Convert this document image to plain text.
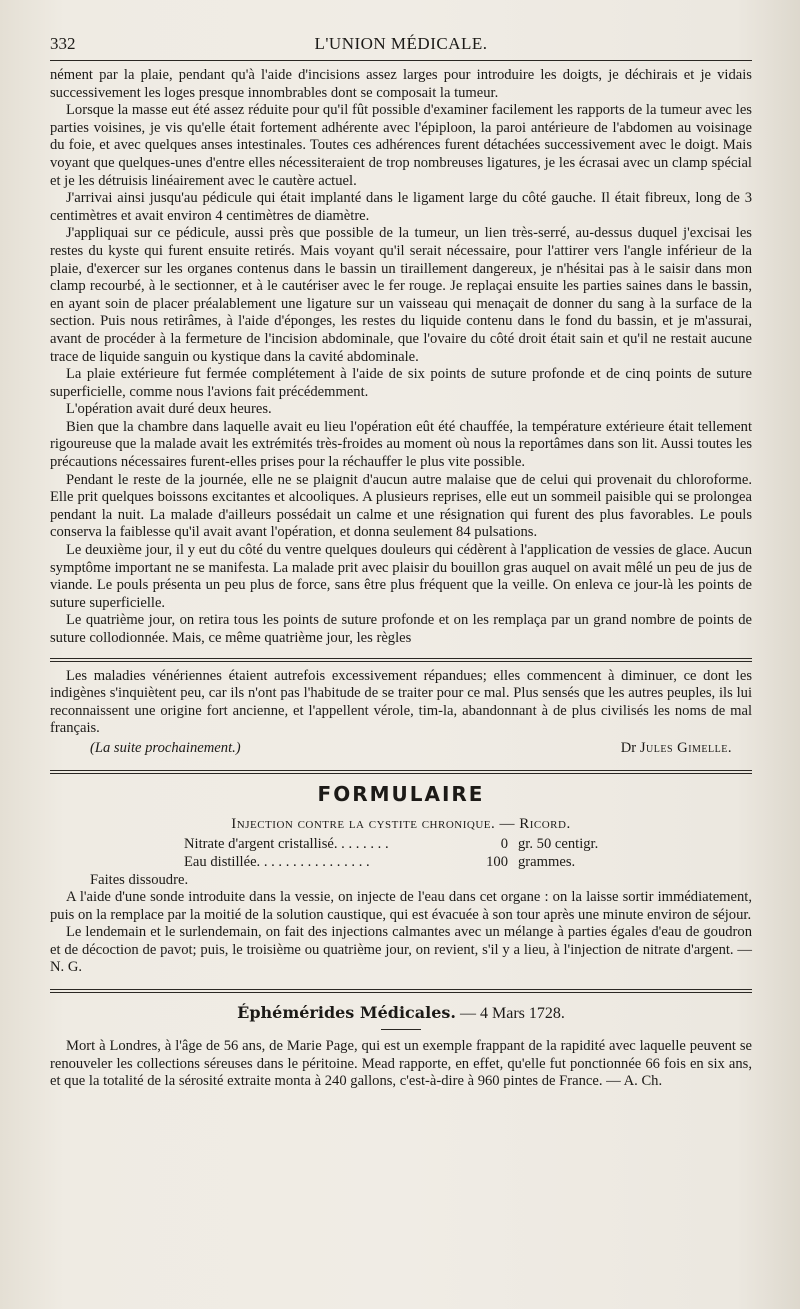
332	L'UNION MÉDICALE.

nément par la plaie, pendant qu'à l'aide d'incisions assez larges pour introduire les doigts, je déchirais et je vidais successivement les loges presque innombrables dont se composait la tumeur.

Lorsque la masse eut été assez réduite pour qu'il fût possible d'examiner facilement les rapports de la tumeur avec les parties voisines, je vis qu'elle était fortement adhérente avec l'épiploon, la paroi antérieure de l'abdomen au voisinage du foie, et avec quelques anses intestinales. Toutes ces adhérences furent détachées successivement avec le doigt. Mais voyant que quelques-unes d'entre elles nécessiteraient de trop nombreuses ligatures, je les écrasai avec un clamp spécial et je les détruisis linéairement avec le cautère actuel.

J'arrivai ainsi jusqu'au pédicule qui était implanté dans le ligament large du côté gauche. Il était fibreux, long de 3 centimètres et avait environ 4 centimètres de diamètre.

J'appliquai sur ce pédicule, aussi près que possible de la tumeur, un lien très-serré, au-dessus duquel j'excisai les restes du kyste qui furent ensuite retirés. Mais voyant qu'il serait nécessaire, pour l'attirer vers l'angle inférieur de la plaie, d'exercer sur les organes contenus dans le bassin un tiraillement dangereux, je n'hésitai pas à le saisir dans mon clamp recourbé, à le sectionner, et à le cautériser avec le fer rouge. Je replaçai ensuite les parties saines dans le bassin, en ayant soin de placer préalablement une ligature sur un vaisseau qui menaçait de donner du sang à la surface de la section. Puis nous retirâmes, à l'aide d'éponges, les restes du liquide contenu dans le fond du bassin, et je m'assurai, avant de procéder à la fermeture de l'incision abdominale, que l'ovaire du côté droit était sain et qu'il ne restait aucune trace de liquide sanguin ou kystique dans la cavité abdominale.

La plaie extérieure fut fermée complétement à l'aide de six points de suture profonde et de cinq points de suture superficielle, comme nous l'avions fait précédemment.

L'opération avait duré deux heures.

Bien que la chambre dans laquelle avait eu lieu l'opération eût été chauffée, la température extérieure était tellement rigoureuse que la malade avait les extrémités très-froides au moment où nous la reportâmes dans son lit. Aussi toutes les précautions nécessaires furent-elles prises pour la réchauffer le plus vite possible.

Pendant le reste de la journée, elle ne se plaignit d'aucun autre malaise que de celui qui provenait du chloroforme. Elle prit quelques boissons excitantes et alcooliques. A plusieurs reprises, elle eut un sommeil paisible qui se prolongea pendant la nuit. La malade d'ailleurs possédait un calme et une résignation qui furent des plus favorables. Le pouls conserva la faiblesse qu'il avait avant l'opération, et donna seulement 84 pulsations.

Le deuxième jour, il y eut du côté du ventre quelques douleurs qui cédèrent à l'application de vessies de glace. Aucun symptôme important ne se manifesta. La malade prit avec plaisir du bouillon gras auquel on avait mêlé un peu de jus de viande. Le pouls présenta un peu plus de force, sans être plus fréquent que la veille. On enleva ce jour-là les points de suture superficielle.

Le quatrième jour, on retira tous les points de suture profonde et on les remplaça par un grand nombre de points de suture collodionnée. Mais, ce même quatrième jour, les règles

Les maladies vénériennes étaient autrefois excessivement répandues; elles commencent à diminuer, ce dont les indigènes s'inquiètent peu, car ils n'ont pas l'habitude de se traiter pour ce mal. Plus sensés que les autres peuples, ils lui reconnaissent une origine fort ancienne, et l'appellent vérole, tim-la, abandonnant à de plus civilisés les noms de mal français.

(La suite prochainement.)	Dr Jules Gimelle.
FORMULAIRE
Injection contre la cystite chronique. — Ricord.
Nitrate d'argent cristallisé. . . . . . . .	0 gr. 50 centigr.
Eau distillée. . . . . . . . . . . . . . . .	100 grammes.
Faites dissoudre.

A l'aide d'une sonde introduite dans la vessie, on injecte de l'eau dans cet organe : on la laisse sortir immédiatement, puis on la remplace par la moitié de la solution caustique, qui est évacuée à son tour après une minute environ de séjour.

Le lendemain et le surlendemain, on fait des injections calmantes avec un mélange à parties égales d'eau de goudron et de décoction de pavot; puis, le troisième ou quatrième jour, on revient, s'il y a lieu, à l'injection de nitrate d'argent. — N. G.

Éphémérides Médicales. — 4 Mars 1728.

Mort à Londres, à l'âge de 56 ans, de Marie Page, qui est un exemple frappant de la rapidité avec laquelle peuvent se renouveler les collections séreuses dans le péritoine. Mead rapporte, en effet, qu'elle fut ponctionnée 66 fois en six ans, et que la totalité de la sérosité extraite monta à 240 gallons, c'est-à-dire à 960 pintes de France. — A. Ch.
